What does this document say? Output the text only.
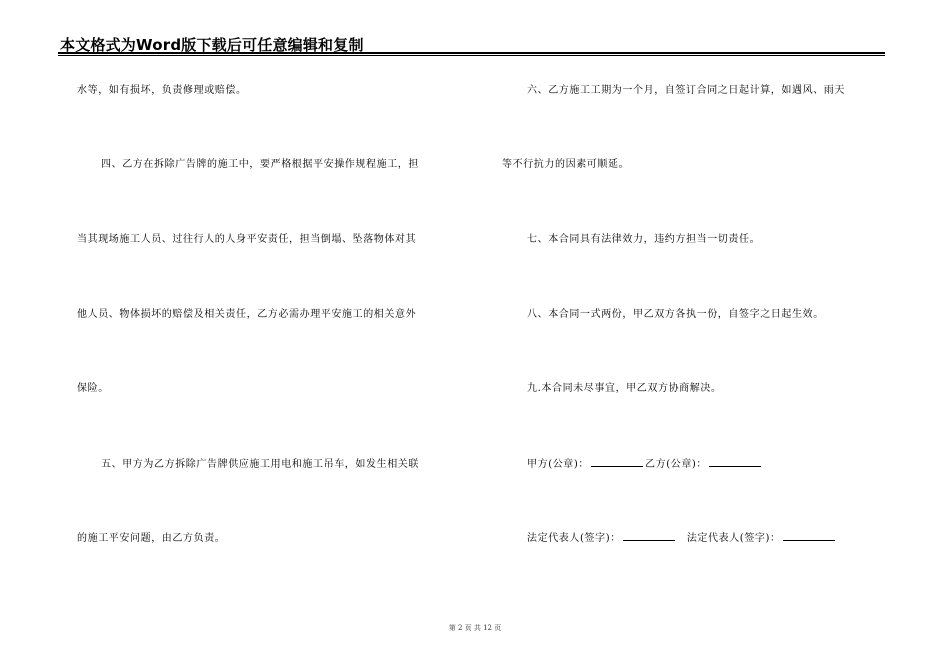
本文格式为Word版下载后可任意编辑和复制
水等，如有损坏，负责修理或赔偿。
四、乙方在拆除广告牌的施工中，要严格根据平安操作规程施工，担
当其现场施工人员、过往行人的人身平安责任，担当倒塌、坠落物体对其
他人员、物体损坏的赔偿及相关责任，乙方必需办理平安施工的相关意外
保险。
五、甲方为乙方拆除广告牌供应施工用电和施工吊车，如发生相关联
的施工平安问题，由乙方负责。
六、乙方施工工期为一个月，自签订合同之日起计算，如遇风、雨天
等不行抗力的因素可顺延。
七、本合同具有法律效力，违约方担当一切责任。
八、本合同一式两份，甲乙双方各执一份，自签字之日起生效。
九.本合同未尽事宜，甲乙双方协商解决。
甲方(公章)：	乙方(公章)：
法定代表人(签字)：	法定代表人(签字)：
第 2 页 共 12 页
